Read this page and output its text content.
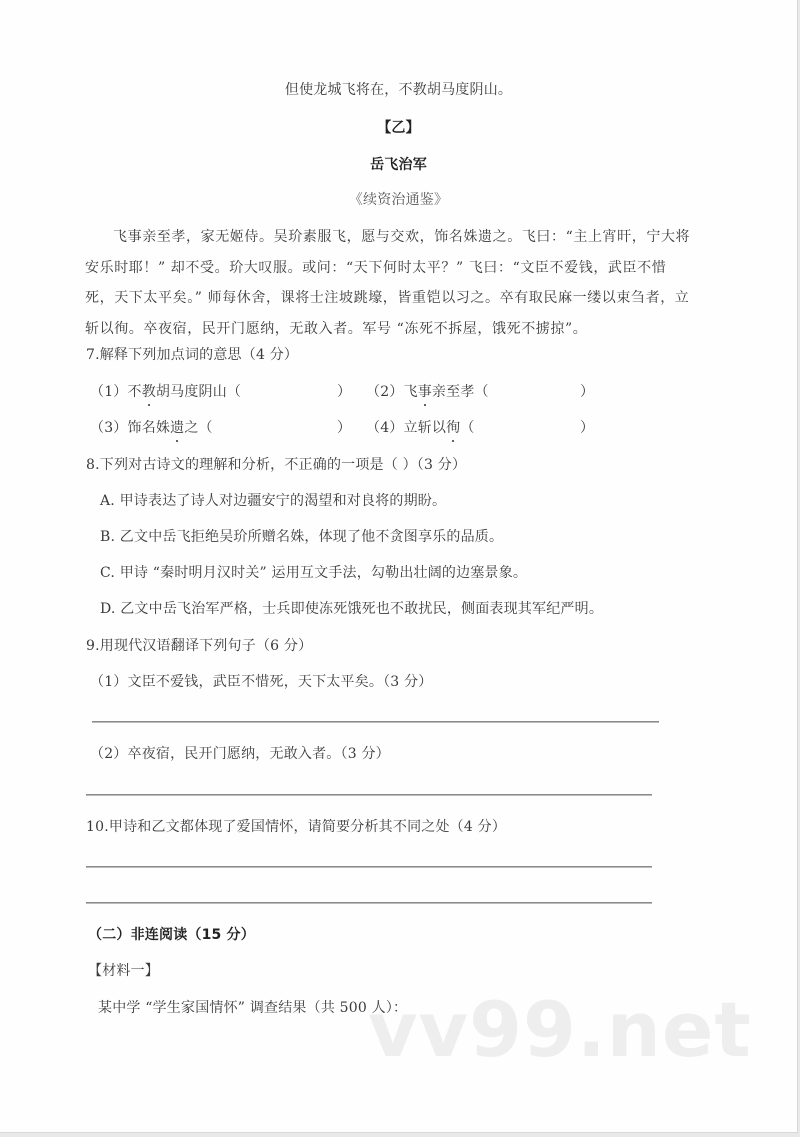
但使龙城飞将在，不教胡马度阴山。
【乙】
岳飞治军
《续资治通鉴》
飞事亲至孝，家无姬侍。吴玠素服飞，愿与交欢，饰名姝遗之。飞曰：“主上宵旰，宁大将安乐时耶！” 却不受。玠大叹服。或问：“天下何时太平？” 飞曰：“文臣不爱钱，武臣不惜死，天下太平矣。” 师每休舍，课将士注坡跳壕，皆重铠以习之。卒有取民麻一缕以束刍者，立斩以徇。卒夜宿，民开门愿纳，无敢入者。军号 “冻死不拆屋，饿死不掳掠”。
7.解释下列加点词的意思（4 分）
（1）不教胡马度阴山（	） （2）飞事亲至孝（	）
（3）饰名姝遗之（	） （4）立斩以徇（	）
8.下列对古诗文的理解和分析，不正确的一项是（ ）（3 分）
A. 甲诗表达了诗人对边疆安宁的渴望和对良将的期盼。
B. 乙文中岳飞拒绝吴玠所赠名姝，体现了他不贪图享乐的品质。
C. 甲诗 “秦时明月汉时关” 运用互文手法，勾勒出壮阔的边塞景象。
D. 乙文中岳飞治军严格，士兵即使冻死饿死也不敢扰民，侧面表现其军纪严明。
9.用现代汉语翻译下列句子（6 分）
（1）文臣不爱钱，武臣不惜死，天下太平矣。（3 分）
（2）卒夜宿，民开门愿纳，无敢入者。（3 分）
10.甲诗和乙文都体现了爱国情怀，请简要分析其不同之处（4 分）
（二）非连阅读（15 分）
【材料一】
某中学 “学生家国情怀” 调查结果（共 500 人）：
vv99.net
